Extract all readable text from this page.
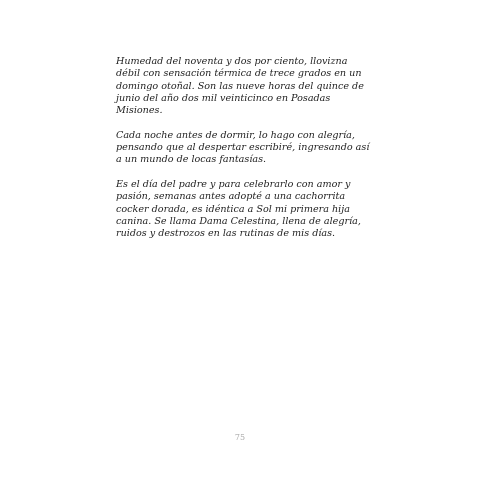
Humedad del noventa y dos por ciento, llovizna
débil con sensación térmica de trece grados en un
domingo otoñal. Son las nueve horas del quince de
junio del año dos mil veinticinco en Posadas
Misiones.

Cada noche antes de dormir, lo hago con alegría,
pensando que al despertar escribiré, ingresando así
a un mundo de locas fantasías.

Es el día del padre y para celebrarlo con amor y
pasión, semanas antes adopté a una cachorrita
cocker dorada, es idéntica a Sol mi primera hija
canina. Se llama Dama Celestina, llena de alegría,
ruidos y destrozos en las rutinas de mis días.

75
